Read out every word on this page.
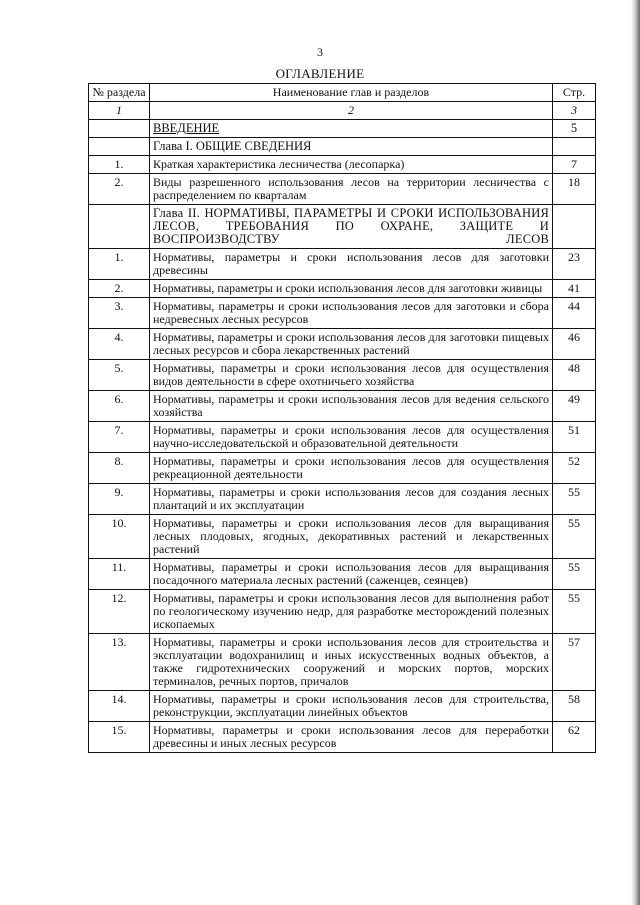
3
ОГЛАВЛЕНИЕ
№ раздела	Наименование глав и разделов	Стр.
1	2	3
	ВВЕДЕНИЕ	5
	Глава I. ОБЩИЕ СВЕДЕНИЯ	
1.	Краткая характеристика лесничества (лесопарка)	7
2.	Виды разрешенного использования лесов на территории лесничества с распределением по кварталам	18
	Глава II. НОРМАТИВЫ, ПАРАМЕТРЫ И СРОКИ ИСПОЛЬЗОВАНИЯ ЛЕСОВ, ТРЕБОВАНИЯ ПО ОХРАНЕ, ЗАЩИТЕ И ВОСПРОИЗВОДСТВУ ЛЕСОВ	
1.	Нормативы, параметры и сроки использования лесов для заготовки древесины	23
2.	Нормативы, параметры и сроки использования лесов для заготовки живицы	41
3.	Нормативы, параметры и сроки использования лесов для заготовки и сбора недревесных лесных ресурсов	44
4.	Нормативы, параметры и сроки использования лесов для заготовки пищевых лесных ресурсов и сбора лекарственных растений	46
5.	Нормативы, параметры и сроки использования лесов для осуществления видов деятельности в сфере охотничьего хозяйства	48
6.	Нормативы, параметры и сроки использования лесов для ведения сельского хозяйства	49
7.	Нормативы, параметры и сроки использования лесов для осуществления научно-исследовательской и образовательной деятельности	51
8.	Нормативы, параметры и сроки использования лесов для осуществления рекреационной деятельности	52
9.	Нормативы, параметры и сроки использования лесов для создания лесных плантаций и их эксплуатации	55
10.	Нормативы, параметры и сроки использования лесов для выращивания лесных плодовых, ягодных, декоративных растений и лекарственных растений	55
11.	Нормативы, параметры и сроки использования лесов для выращивания посадочного материала лесных растений (саженцев, сеянцев)	55
12.	Нормативы, параметры и сроки использования лесов для выполнения работ по геологическому изучению недр, для разработке месторождений полезных ископаемых	55
13.	Нормативы, параметры и сроки использования лесов для строительства и эксплуатации водохранилищ и иных искусственных водных объектов, а также гидротехнических сооружений и морских портов, морских терминалов, речных портов, причалов	57
14.	Нормативы, параметры и сроки использования лесов для строительства, реконструкции, эксплуатации линейных объектов	58
15.	Нормативы, параметры и сроки использования лесов для переработки древесины и иных лесных ресурсов	62
